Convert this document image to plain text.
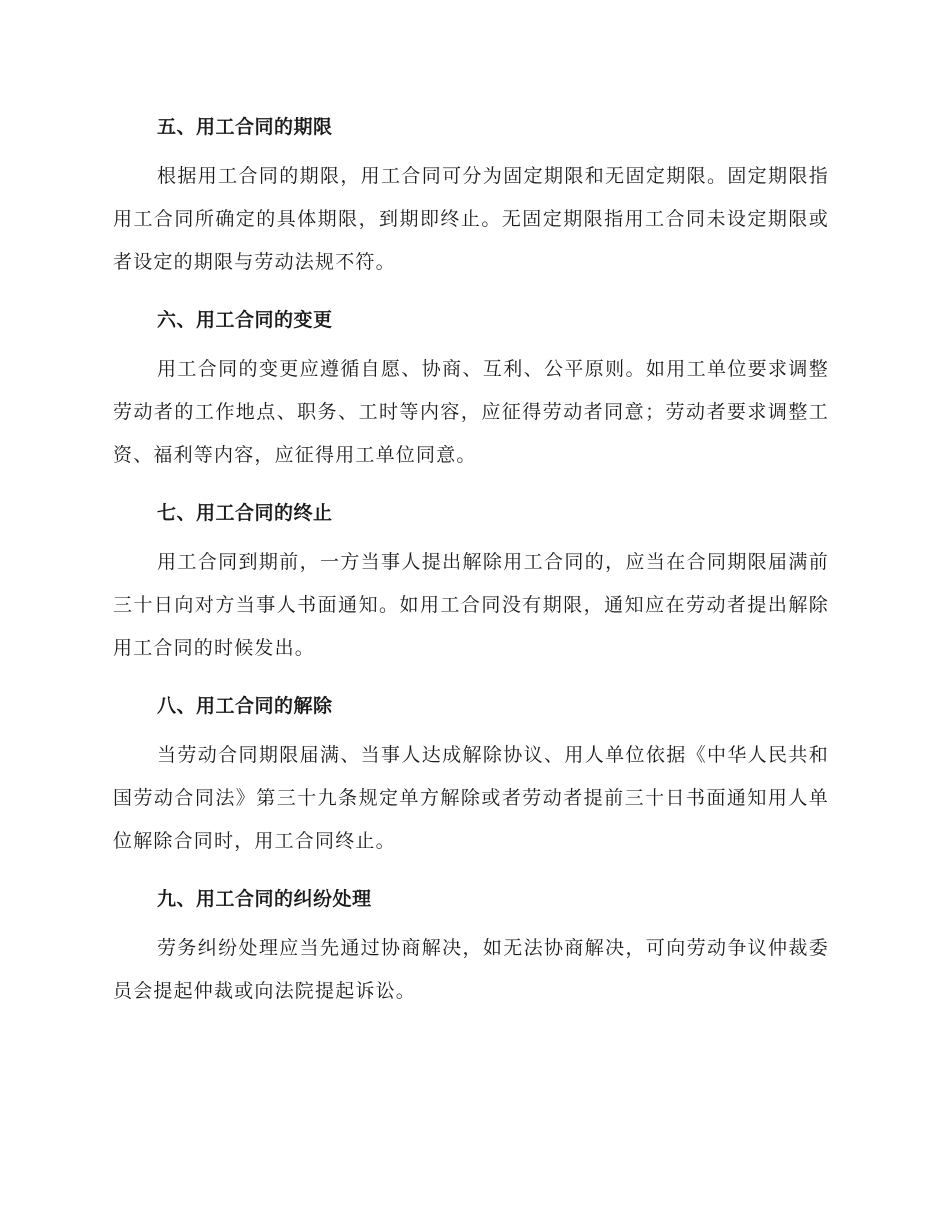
五、用工合同的期限

根据用工合同的期限，用工合同可分为固定期限和无固定期限。固定期限指用工合同所确定的具体期限，到期即终止。无固定期限指用工合同未设定期限或者设定的期限与劳动法规不符。

六、用工合同的变更

用工合同的变更应遵循自愿、协商、互利、公平原则。如用工单位要求调整劳动者的工作地点、职务、工时等内容，应征得劳动者同意；劳动者要求调整工资、福利等内容，应征得用工单位同意。

七、用工合同的终止

用工合同到期前，一方当事人提出解除用工合同的，应当在合同期限届满前三十日向对方当事人书面通知。如用工合同没有期限，通知应在劳动者提出解除用工合同的时候发出。

八、用工合同的解除

当劳动合同期限届满、当事人达成解除协议、用人单位依据《中华人民共和国劳动合同法》第三十九条规定单方解除或者劳动者提前三十日书面通知用人单位解除合同时，用工合同终止。

九、用工合同的纠纷处理

劳务纠纷处理应当先通过协商解决，如无法协商解决，可向劳动争议仲裁委员会提起仲裁或向法院提起诉讼。
